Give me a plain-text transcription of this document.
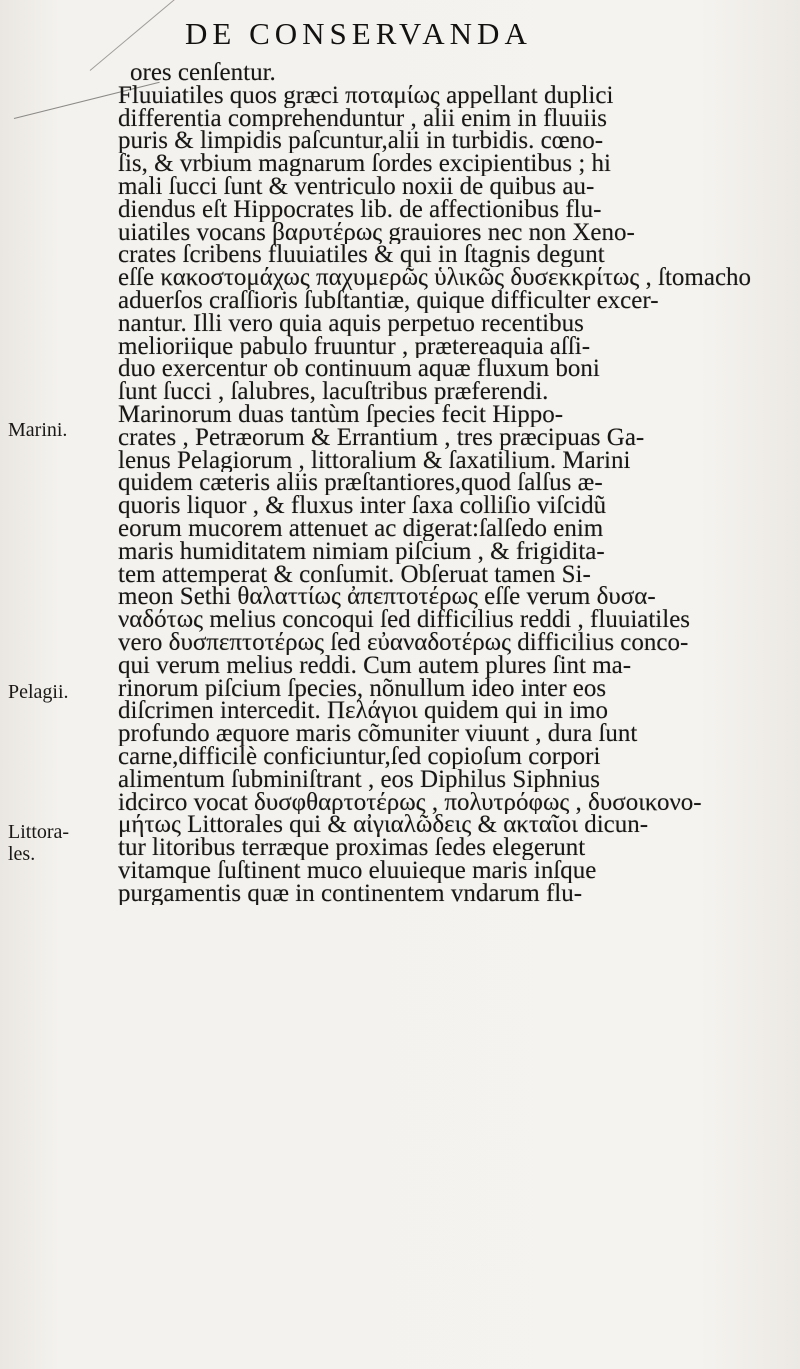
DE CONSERVANDA
ores cenſentur.
Fluuiatiles quos græci ποταμίως appellant duplici
differentia comprehenduntur , alii enim in fluuiis
puris & limpidis paſcuntur,alii in turbidis. cœno-
ſis, & vrbium magnarum ſordes excipientibus ; hi
mali ſucci ſunt & ventriculo noxii de quibus au-
diendus eſt Hippocrates lib. de affectionibus flu-
uiatiles vocans βαρυτέρως grauiores nec non Xeno-
crates ſcribens fluuiatiles & qui in ſtagnis degunt
eſſe κακοστομάχως παχυμερῶς ὑλικῶς δυσεκκρίτως , ſtomacho
aduerſos craſſioris ſubſtantiæ, quique difficulter excer-
nantur. Illi vero quia aquis perpetuo recentibus
melioriique pabulo fruuntur , prætereaquia aſſi-
duo exercentur ob continuum aquæ fluxum boni
ſunt ſucci , ſalubres, lacuſtribus præferendi.
Marinorum duas tantùm ſpecies fecit Hippo-
crates , Petræorum & Errantium , tres præcipuas Ga-
lenus Pelagiorum , littoralium & ſaxatilium. Marini
quidem cæteris aliis præſtantiores,quod ſalſus æ-
quoris liquor , & fluxus inter ſaxa colliſio viſcidũ
eorum mucorem attenuet ac digerat:ſalſedo enim
maris humiditatem nimiam piſcium , & frigidita-
tem attemperat & conſumit. Obſeruat tamen Si-
meon Sethi θαλαττίως ἀπεπτοτέρως eſſe verum δυσα-
ναδότως melius concoqui ſed difficilius reddi , fluuiatiles
vero δυσπεπτοτέρως ſed εὐαναδοτέρως difficilius conco-
qui verum melius reddi. Cum autem plures ſint ma-
rinorum piſcium ſpecies, nõnullum ideo inter eos
diſcrimen intercedit. Πελάγιοι quidem qui in imo
profundo æquore maris cõmuniter viuunt , dura ſunt
carne,difficilè conficiuntur,ſed copioſum corpori
alimentum ſubminiſtrant , eos Diphilus Siphnius
idcirco vocat δυσφθαρτοτέρως , πολυτρόφως , δυσοικονο-
μήτως Littorales qui & αἰγιαλῶδεις & ακταῖοι dicun-
tur litoribus terræque proximas ſedes elegerunt
vitamque ſuſtinent muco eluuieque maris inſque
purgamentis quæ in continentem vndarum flu-
Marini.
Pelagii.
Littora-
les.
